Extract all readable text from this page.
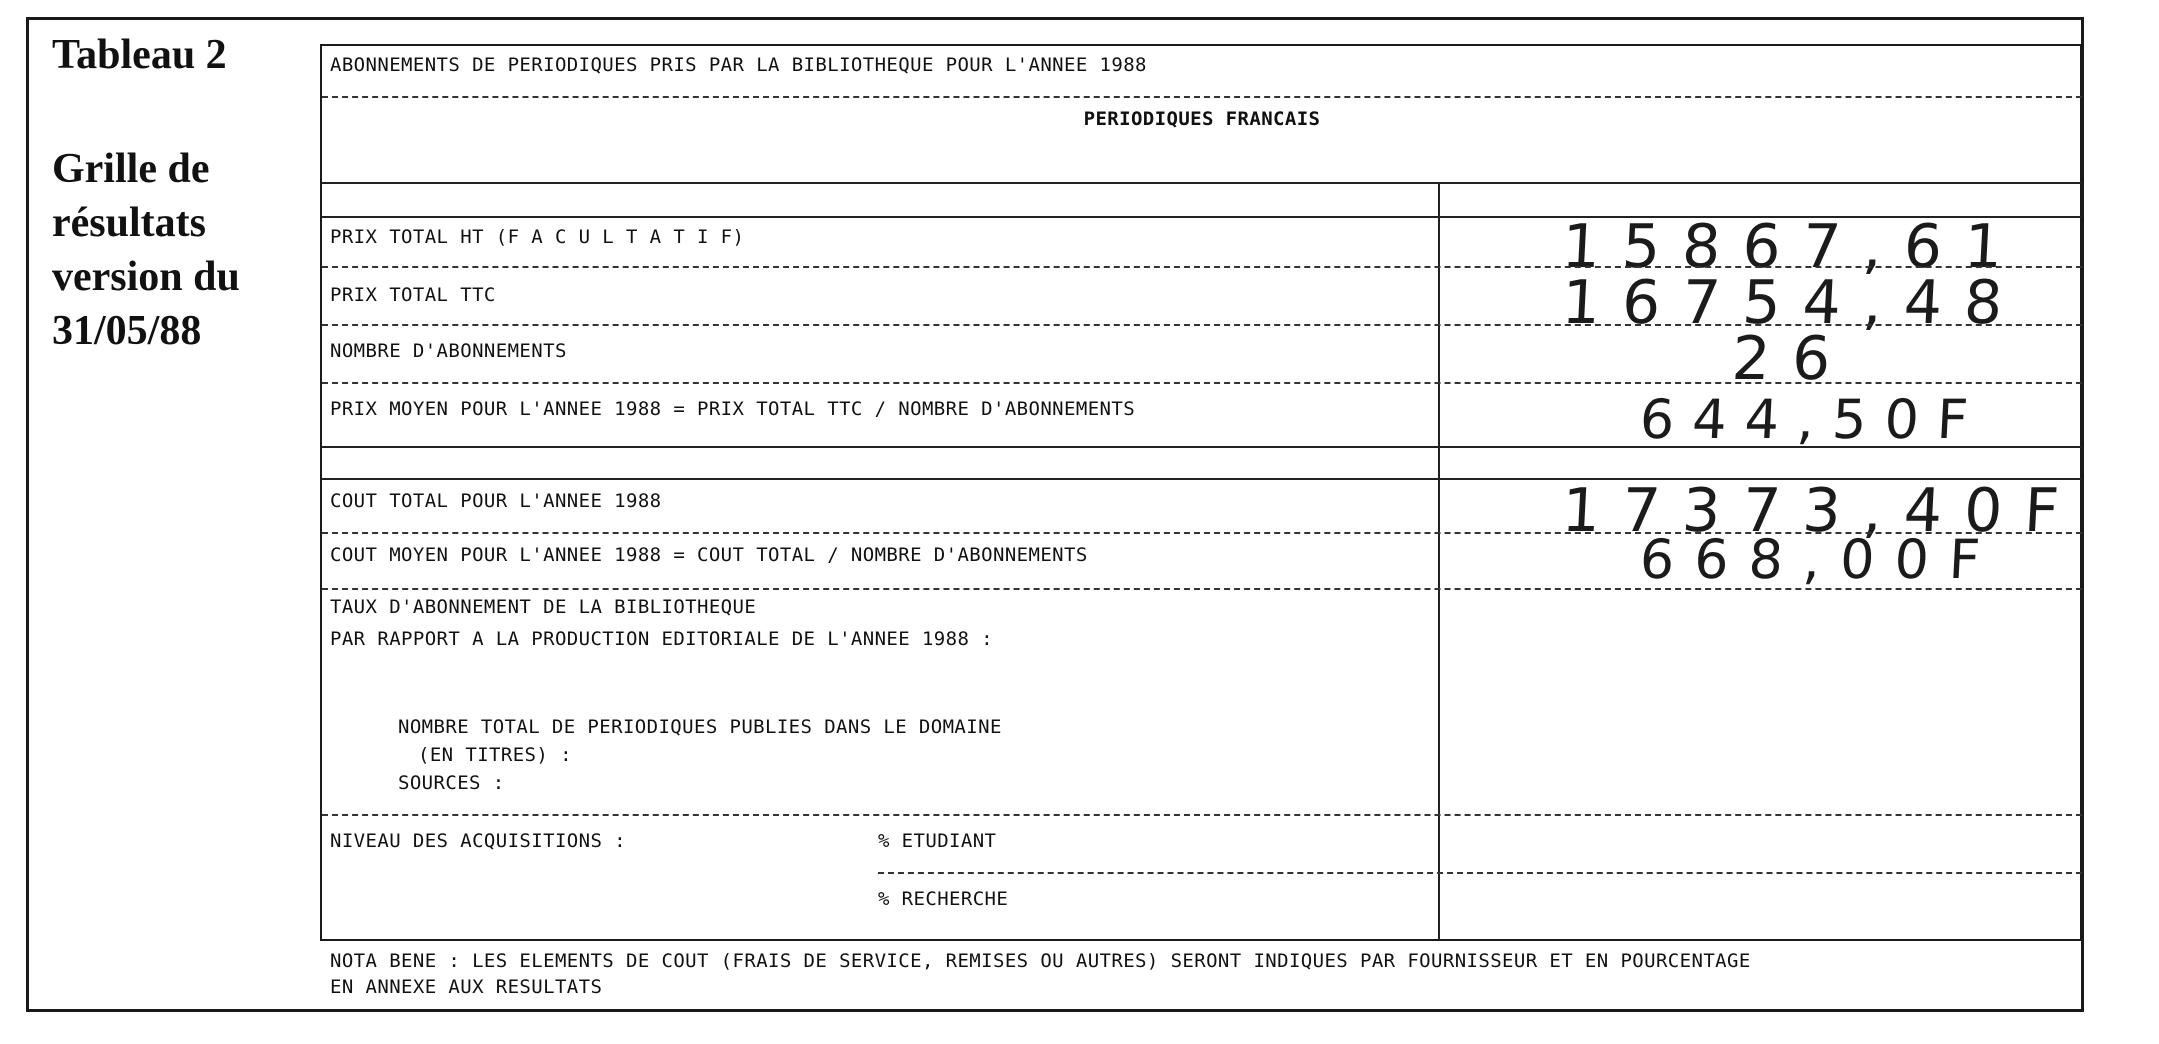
Tableau 2
Grille de
résultats
version du
31/05/88
ABONNEMENTS DE PERIODIQUES PRIS PAR LA BIBLIOTHEQUE POUR L'ANNEE 1988
PERIODIQUES FRANCAIS
PRIX TOTAL HT (F A C U L T A T I F)	15867,61
PRIX TOTAL TTC	16754,48
NOMBRE D'ABONNEMENTS	26
PRIX MOYEN POUR L'ANNEE 1988 = PRIX TOTAL TTC / NOMBRE D'ABONNEMENTS	644,50F
COUT TOTAL POUR L'ANNEE 1988	17373,40F
COUT MOYEN POUR L'ANNEE 1988 = COUT TOTAL / NOMBRE D'ABONNEMENTS	668,00F
TAUX D'ABONNEMENT DE LA BIBLIOTHEQUE
PAR RAPPORT A LA PRODUCTION EDITORIALE DE L'ANNEE 1988 :
NOMBRE TOTAL DE PERIODIQUES PUBLIES DANS LE DOMAINE
(EN TITRES) :
SOURCES :
NIVEAU DES ACQUISITIONS :	% ETUDIANT
% RECHERCHE
NOTA BENE : LES ELEMENTS DE COUT (FRAIS DE SERVICE, REMISES OU AUTRES) SERONT INDIQUES PAR FOURNISSEUR ET EN POURCENTAGE
EN ANNEXE AUX RESULTATS
